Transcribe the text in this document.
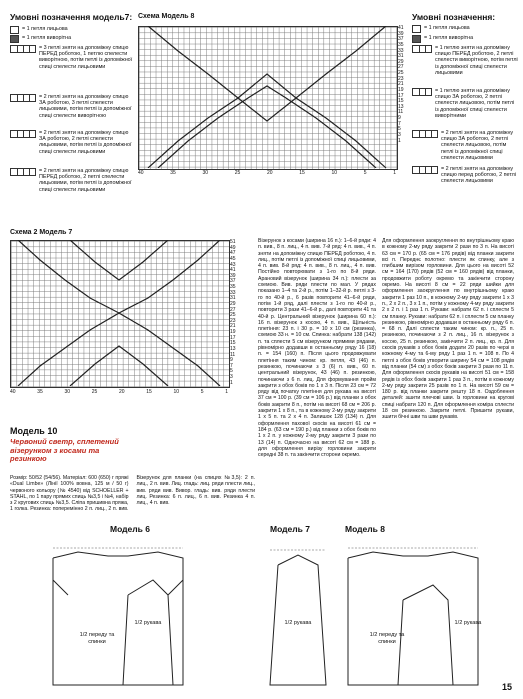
Умовні позначення модель7:
= 1 петля лицьова
= 1 петля виворітна
= 3 петлі зняти на допоміжну спицю ПЕРЕД роботою, 1 петлю спелести виворітною, потім петлі із допоміжної спиці спелести лицьовими
= 2 петлі зняти на допоміжну спицю ЗА роботою, 3 петлі спелести лицьовими, потім петлі із допоміжної спиці спелести виворітною
= 2 петлі зняти на допоміжну спицю ЗА роботою, 2 петлі спелести лицьовими, потім петлі із допоміжної спиці спелести лицьовими
= 2 петлі зняти на допоміжну спицю ПЕРЕД роботою, 2 петлі спелести лицьовими, потім петлі із допоміжної спиці спелести лицьовими
Схема Модель 8
41
39
37
35
33
31
29
27
25
23
21
19
17
15
13
11
9
7
5
3
1
40	35	30	25	20	15	10	5	1
Умовні позначення:
= 1 петля лицьова
= 1 петля виворітна
= 1 петлю зняти на допоміжну спицю ПЕРЕД роботою, 2 петлі спелести виворітною, потім петлі із допоміжної спиці спелести лицьовими
= 1 петлю зняти на допоміжну спицю ЗА роботою, 2 петлі спелести лицьовою, потім петлі із допоміжної спиці спелести виворітними
= 2 петлі зняти на допоміжну спицю ЗА роботою, 2 петлі спелести лицьовою, потім петлі із допоміжної спиці спелести лицьовими
= 2 петлі зняти на допоміжну спицю перед роботою, 2 петлі спелести лицьовими
Схема 2 Модель 7
51
49
47
45
43
41
39
37
35
33
31
29
27
25
23
21
19
17
15
13
11
9
7
5
3
1
40	35	30	25	20	15	10	5	1
Візерунок з косами (ширина 16 п.): 1–6-й ряди: 4 п. вив., 8 п. лиц., 4 п. вив. 7-й ряд: 4 п. вив., 4 п. зняти на допоміжну спицю ПЕРЕД роботою, 4 п. лиц., потім петлі із допоміжної спиці лицьовими, 4 п. вив. 8-й ряд: 4 п. вив., 8 п. лиц., 4 п. вив. Постійно повторювати з 1-го по 8-й ряди. Арановий візерунок (ширина 34 п.): плести за схемою. Вив. ряди плести по мал. У рядах показано 1–4 та 2-й р., потім 1–32-й р. петлі з 3-го по 40-й р., 6 разів повторити 41–6-й ряди, потім 1-й ряд, далі плести з 1-го по 40-й р., повторити 3 рази 41–6-й р., далі повторити 41 та 40-й р. Центральний візерунок (ширина 60 п.): 16 п. візерунок з косою, 4 п. вив., Щільність плетіння: 23 п. і 30 р. = 10 х 10 см (резинка), схемою 33 н. = 10 см. Спинка: набрати 138 (142) п. та сплести 5 см візерунком прямими рядами, рівномірно додавши в останньому ряду 16 (18) п. = 154 (160) п. Після цього продовжувати плетіння таким чином: кр. петля, 43 (46) п. резинкою, починаючи з 3 (6) п. вив., 60 п. центральний візерунок, 43 (46) п. резинкою, починаючи з 6 п. лиц. Для формування пройм закрити з обох боків по 1 х 3 п. Після 23 см = 72 ряду від початку плетіння для рукава на висоті 37 см = 100 р. (39 см = 106 р.) від планки з обох боків закрити 8 п., потім на висоті 68 см = 206 р. закрити 1 х 8 п., та в кожному 2-му ряду закрити 1 х 5 п. та 2 х 4 п. Залишок 128 (134) п. Для оформлення пахової скосів на висоті 61 см = 184 р. (63 см = 190 р.) від планки з обох боків по 1 х 2 п. у кожному 2-му ряду закрити 3 рази по 13 (14) п. Одночасно на висоті 62 см = 188 р. для оформлення вирізу горловини закрити середні 38 п. та закінчити сторони окремо.
Для оформлення заокруглення по внутрішньому краю в кожному 2-му ряду закрити 2 рази по 3 п. На висоті 63 см = 170 р. (65 см = 176 рядів) від планки закрити всі п. Переднє полотно: плести як спинку, але з глибшим вирізом горловини. Для цього на висоті 52 см = 164 (170) рядів (52 см = 160 рядів) від планки, продовжити роботу окремо та закінчити сторону окремо. На висоті 8 см = 22 ряди шийки для оформлення заокруглення по внутрішньому краю закрити 1 раз 10 п., в кожному 2-му ряду закрити 1 х 3 п., 2 х 2 п., 3 х 1 п., потім у кожному 4-му ряду закрити 2 х 2 п. і 1 раз 1 п. Рукави: набрати 62 п. і сплести 5 см планку. Рукави: набрати 62 п. і сплести 5 см планку резинкою, рівномірно додавши в останньому ряду 6 п. = 68 п. Далі сплести таким чином: кр. п., 25 п. резинкою, починаючи з 2 п. лиц., 16 п. візерунок з косою, 25 п. резинкою, закінчити 2 п. лиц., кр. п. Для скосів рукавів з обох боків додати 20 разів по черзі в кожному 4-му та 6-му ряду 1 раз 1 п. = 108 п. По 4 петлі з обох боків утворити ширину 54 см = 108 рядів від планки (54 см) з обох боків закрити 3 рази по 11 п. Для оформлення скосів рукавів на висоті 51 см = 158 рядів із обох боків закрити 1 раз 3 п., потім в кожному 2-му ряду закрити 25 разів по 1 п. На висоті 59 см = 180 р. від планки закрити решту 18 п. Оздоблення деталей: зшити плечові шви. Із горловини на кругові спиці набрати 120 п. Для оформлення коміра сплести 18 см резинкою. Закрити петлі. Пришити рукави, зшити бічні шви та шви рукавів.
Модель 10
Червоний светр, сплетений візерунком з косами та резинкою
Розмір: 50/52 (54/56). Матеріал: 600 (650) г пряжі «Dual Limbe» (Лінії 100% вовна, 125 м / 50 г) червоного кольору (№ 4540) від SCHOELLER + STAHL, по 1 пару прямих спиць №3,5 і №4, набір з 2 кругових спиць №3,5. Сліпа пришивна пряжа, 1 голка. Резинка: поперемінно 2 п. лиц., 2 п. вив. Візерунок для планки (на спицях №3,5): 2 п. лиц., 2 п. вив. Лиц. гладь: лиц. ряди плести лиц., вив. ряди вив. Вивор. гладь: вив. ряди плести лиц. Резинка: 6 п. лиц., 6 п. вив. Резинка 4 п. лиц., 4 п. вив.
Модель 6	Модель 7	Модель 8
1/2 переду та спинки
1/2 рукава	1/2 рукава
1/2 переду та спинки
1/2 рукава
15
